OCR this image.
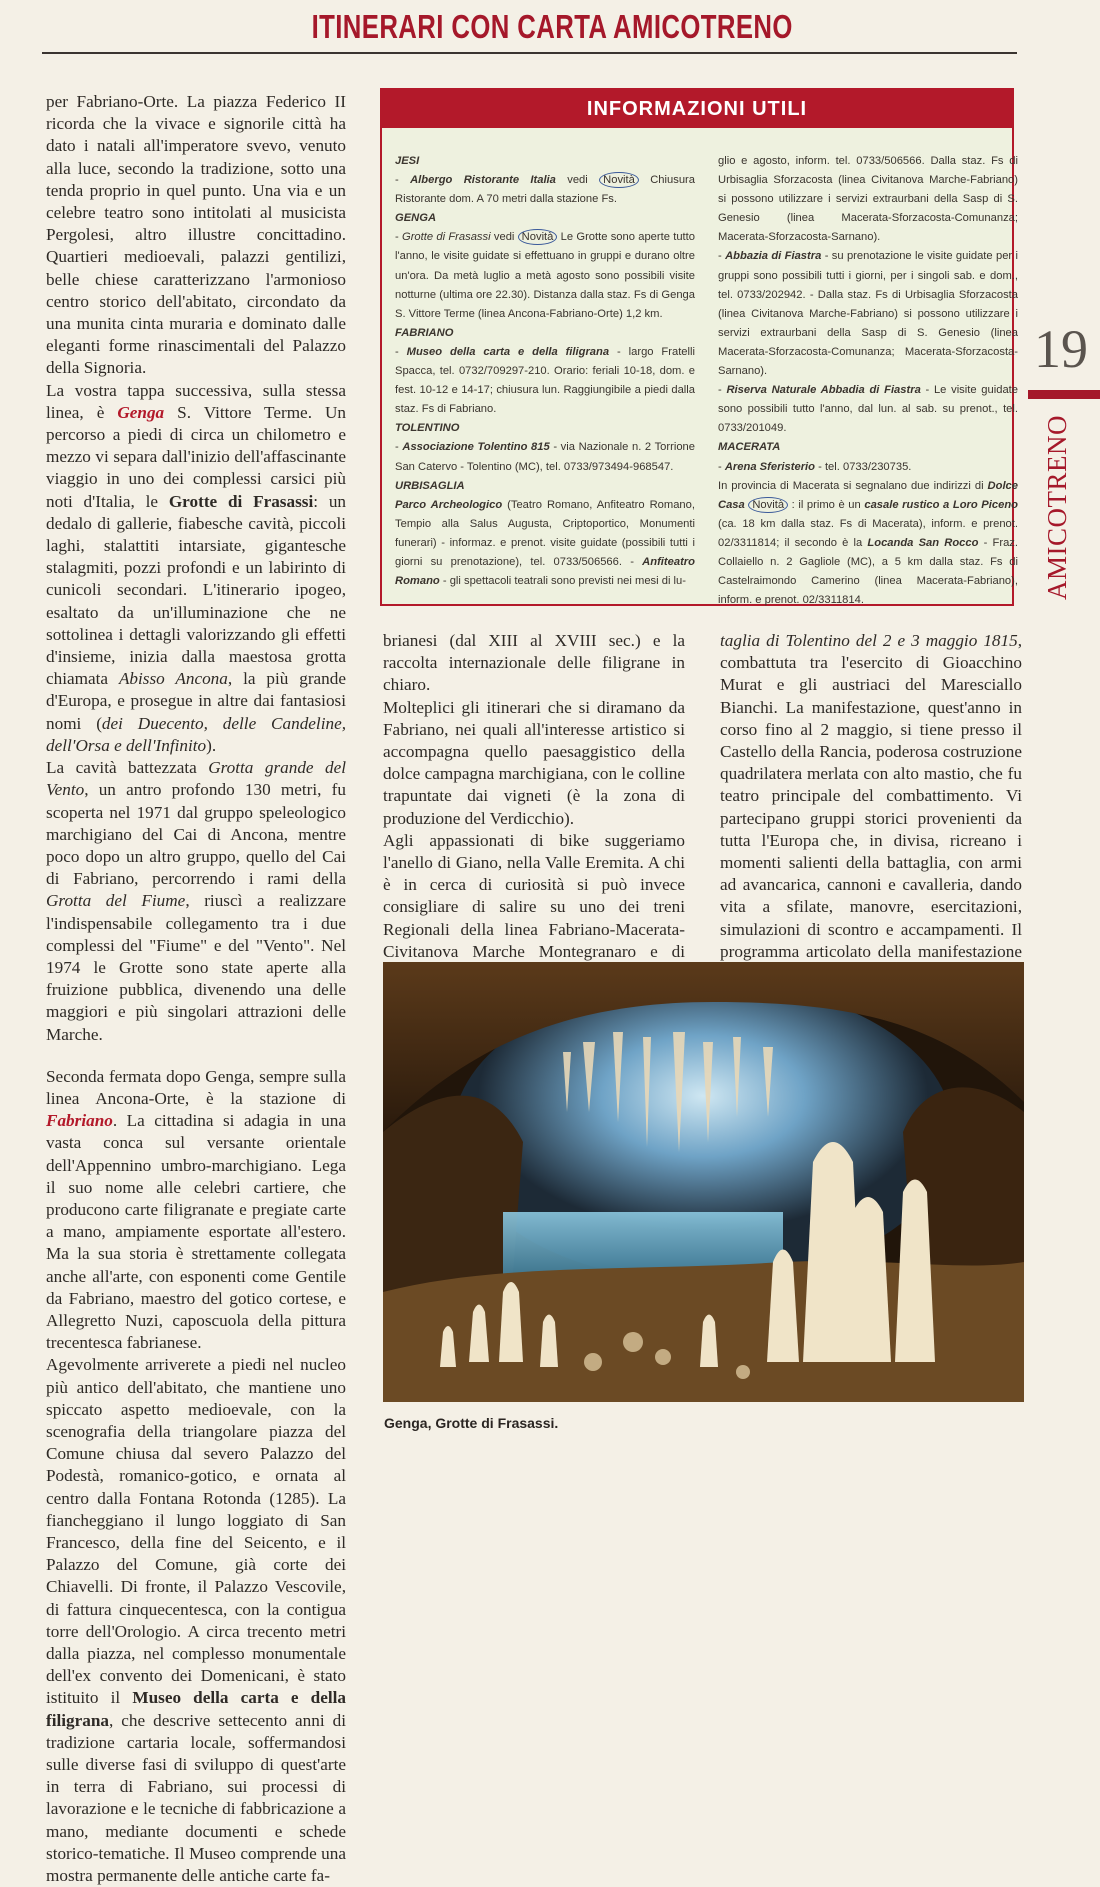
ITINERARI CON CARTA AMICOTRENO

per Fabriano-Orte. La piazza Federico II ricorda che la vivace e signorile città ha dato i natali all'imperatore svevo, venuto alla luce, secondo la tradizione, sotto una tenda proprio in quel punto. Una via e un celebre teatro sono intitolati al musicista Pergolesi, altro illustre concittadino. Quartieri medioevali, palazzi gentilizi, belle chiese caratterizzano l'armonioso centro storico dell'abitato, circondato da una munita cinta muraria e dominato dalle eleganti forme rinascimentali del Palazzo della Signoria.

La vostra tappa successiva, sulla stessa linea, è Genga S. Vittore Terme. Un percorso a piedi di circa un chilometro e mezzo vi separa dall'inizio dell'affascinante viaggio in uno dei complessi carsici più noti d'Italia, le Grotte di Frasassi: un dedalo di gallerie, fiabesche cavità, piccoli laghi, stalattiti intarsiate, gigantesche stalagmiti, pozzi profondi e un labirinto di cunicoli secondari. L'itinerario ipogeo, esaltato da un'illuminazione che ne sottolinea i dettagli valorizzando gli effetti d'insieme, inizia dalla maestosa grotta chiamata Abisso Ancona, la più grande d'Europa, e prosegue in altre dai fantasiosi nomi (dei Duecento, delle Candeline, dell'Orsa e dell'Infinito).

La cavità battezzata Grotta grande del Vento, un antro profondo 130 metri, fu scoperta nel 1971 dal gruppo speleologico marchigiano del Cai di Ancona, mentre poco dopo un altro gruppo, quello del Cai di Fabriano, percorrendo i rami della Grotta del Fiume, riuscì a realizzare l'indispensabile collegamento tra i due complessi del "Fiume" e del "Vento". Nel 1974 le Grotte sono state aperte alla fruizione pubblica, divenendo una delle maggiori e più singolari attrazioni delle Marche.

Seconda fermata dopo Genga, sempre sulla linea Ancona-Orte, è la stazione di Fabriano. La cittadina si adagia in una vasta conca sul versante orientale dell'Appennino umbro-marchigiano. Lega il suo nome alle celebri cartiere, che producono carte filigranate e pregiate carte a mano, ampiamente esportate all'estero. Ma la sua storia è strettamente collegata anche all'arte, con esponenti come Gentile da Fabriano, maestro del gotico cortese, e Allegretto Nuzi, caposcuola della pittura trecentesca fabrianese.

Agevolmente arriverete a piedi nel nucleo più antico dell'abitato, che mantiene uno spiccato aspetto medioevale, con la scenografia della triangolare piazza del Comune chiusa dal severo Palazzo del Podestà, romanico-gotico, e ornata al centro dalla Fontana Rotonda (1285). La fiancheggiano il lungo loggiato di San Francesco, della fine del Seicento, e il Palazzo del Comune, già corte dei Chiavelli. Di fronte, il Palazzo Vescovile, di fattura cinquecentesca, con la contigua torre dell'Orologio. A circa trecento metri dalla piazza, nel complesso monumentale dell'ex convento dei Domenicani, è stato istituito il Museo della carta e della filigrana, che descrive settecento anni di tradizione cartaria locale, soffermandosi sulle diverse fasi di sviluppo di quest'arte in terra di Fabriano, sui processi di lavorazione e le tecniche di fabbricazione a mano, mediante documenti e schede storico-tematiche. Il Museo comprende una mostra permanente delle antiche carte fa-

INFORMAZIONI UTILI

JESI

- Albergo Ristorante Italia vedi Novità Chiusura Ristorante dom. A 70 metri dalla stazione Fs.

GENGA

- Grotte di Frasassi vedi Novità Le Grotte sono aperte tutto l'anno, le visite guidate si effettuano in gruppi e durano oltre un'ora. Da metà luglio a metà agosto sono possibili visite notturne (ultima ore 22.30). Distanza dalla staz. Fs di Genga S. Vittore Terme (linea Ancona-Fabriano-Orte) 1,2 km.

FABRIANO

- Museo della carta e della filigrana - largo Fratelli Spacca, tel. 0732/709297-210. Orario: feriali 10-18, dom. e fest. 10-12 e 14-17; chiusura lun. Raggiungibile a piedi dalla staz. Fs di Fabriano.

TOLENTINO

- Associazione Tolentino 815 - via Nazionale n. 2 Torrione San Catervo - Tolentino (MC), tel. 0733/973494-968547.

URBISAGLIA

Parco Archeologico (Teatro Romano, Anfiteatro Romano, Tempio alla Salus Augusta, Criptoportico, Monumenti funerari) - informaz. e prenot. visite guidate (possibili tutti i giorni su prenotazione), tel. 0733/506566. - Anfiteatro Romano - gli spettacoli teatrali sono previsti nei mesi di lu-

glio e agosto, inform. tel. 0733/506566. Dalla staz. Fs di Urbisaglia Sforzacosta (linea Civitanova Marche-Fabriano) si possono utilizzare i servizi extraurbani della Sasp di S. Genesio (linea Macerata-Sforzacosta-Comunanza; Macerata-Sforzacosta-Sarnano).

- Abbazia di Fiastra - su prenotazione le visite guidate per i gruppi sono possibili tutti i giorni, per i singoli sab. e dom., tel. 0733/202942. - Dalla staz. Fs di Urbisaglia Sforzacosta (linea Civitanova Marche-Fabriano) si possono utilizzare i servizi extraurbani della Sasp di S. Genesio (linea Macerata-Sforzacosta-Comunanza; Macerata-Sforzacosta-Sarnano).

- Riserva Naturale Abbadia di Fiastra - Le visite guidate sono possibili tutto l'anno, dal lun. al sab. su prenot., tel. 0733/201049.

MACERATA

- Arena Sferisterio - tel. 0733/230735.

In provincia di Macerata si segnalano due indirizzi di Dolce Casa Novità : il primo è un casale rustico a Loro Piceno (ca. 18 km dalla staz. Fs di Macerata), inform. e prenot. 02/3311814; il secondo è la Locanda San Rocco - Fraz. Collaiello n. 2 Gagliole (MC), a 5 km dalla staz. Fs di Castelraimondo Camerino (linea Macerata-Fabriano), inform. e prenot. 02/3311814.

brianesi (dal XIII al XVIII sec.) e la raccolta internazionale delle filigrane in chiaro.

Molteplici gli itinerari che si diramano da Fabriano, nei quali all'interesse artistico si accompagna quello paesaggistico della dolce campagna marchigiana, con le colline trapuntate dai vigneti (è la zona di produzione del Verdicchio).

Agli appassionati di bike suggeriamo l'anello di Giano, nella Valle Eremita. A chi è in cerca di curiosità si può invece consigliare di salire su uno dei treni Regionali della linea Fabriano-Macerata-Civitanova Marche Montegranaro e di

taglia di Tolentino del 2 e 3 maggio 1815, combattuta tra l'esercito di Gioacchino Murat e gli austriaci del Maresciallo Bianchi. La manifestazione, quest'anno in corso fino al 2 maggio, si tiene presso il Castello della Rancia, poderosa costruzione quadrilatera merlata con alto mastio, che fu teatro principale del combattimento. Vi partecipano gruppi storici provenienti da tutta l'Europa che, in divisa, ricreano i momenti salienti della battaglia, con armi ad avancarica, cannoni e cavalleria, dando vita a sfilate, manovre, esercitazioni, simulazioni di scontro e accampamenti. Il programma articolato della manifestazione

19
AMICOTRENO
Genga, Grotte di Frasassi.
